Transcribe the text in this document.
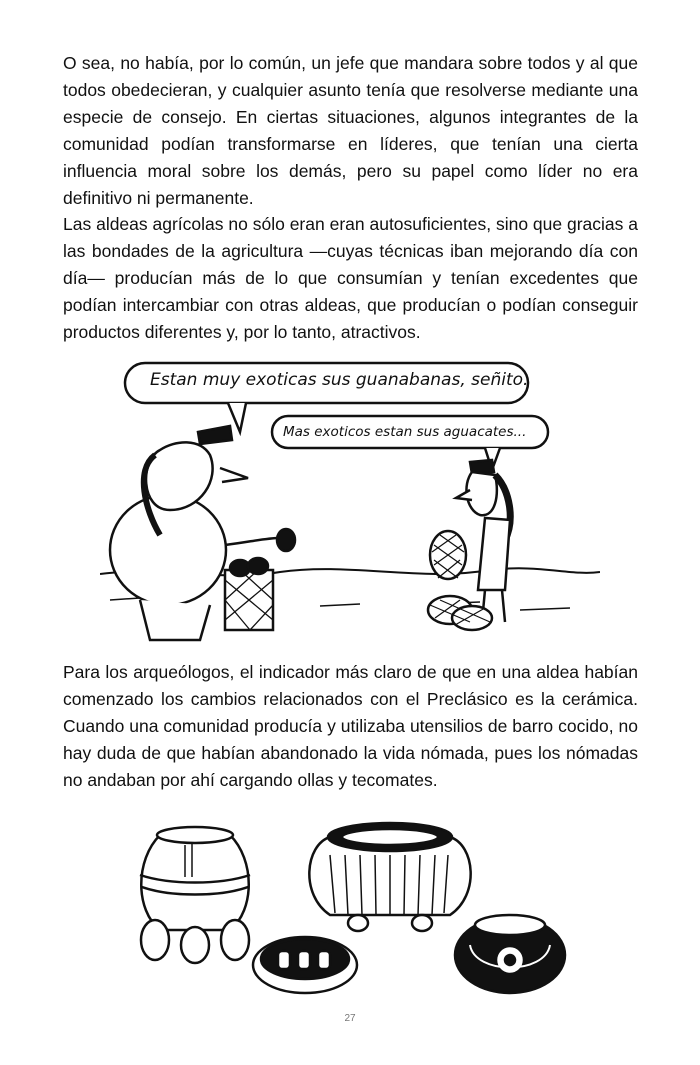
O sea, no había, por lo común, un jefe que mandara sobre todos y al que todos obedecieran, y cualquier asunto tenía que resolverse mediante una especie de consejo. En ciertas situaciones, algunos integrantes de la comunidad podían transformarse en líderes, que tenían una cierta influencia moral sobre los demás, pero su papel como líder no era definitivo ni permanente.

Las aldeas agrícolas no sólo eran eran autosuficientes, sino que gracias a las bondades de la agricultura —cuyas técnicas iban mejorando día con día— producían más de lo que consumían y tenían excedentes que podían intercambiar con otras aldeas, que producían o podían conseguir productos diferentes y, por lo tanto, atractivos.

Estan muy exoticas sus guanabanas, señito.
Mas exoticos estan sus aguacates...

Para los arqueólogos, el indicador más claro de que en una aldea habían comenzado los cambios relacionados con el Preclásico es la cerámica. Cuando una comunidad producía y utilizaba utensilios de barro cocido, no hay duda de que habían abandonado la vida nómada, pues los nómadas no andaban por ahí cargando ollas y tecomates.

27
